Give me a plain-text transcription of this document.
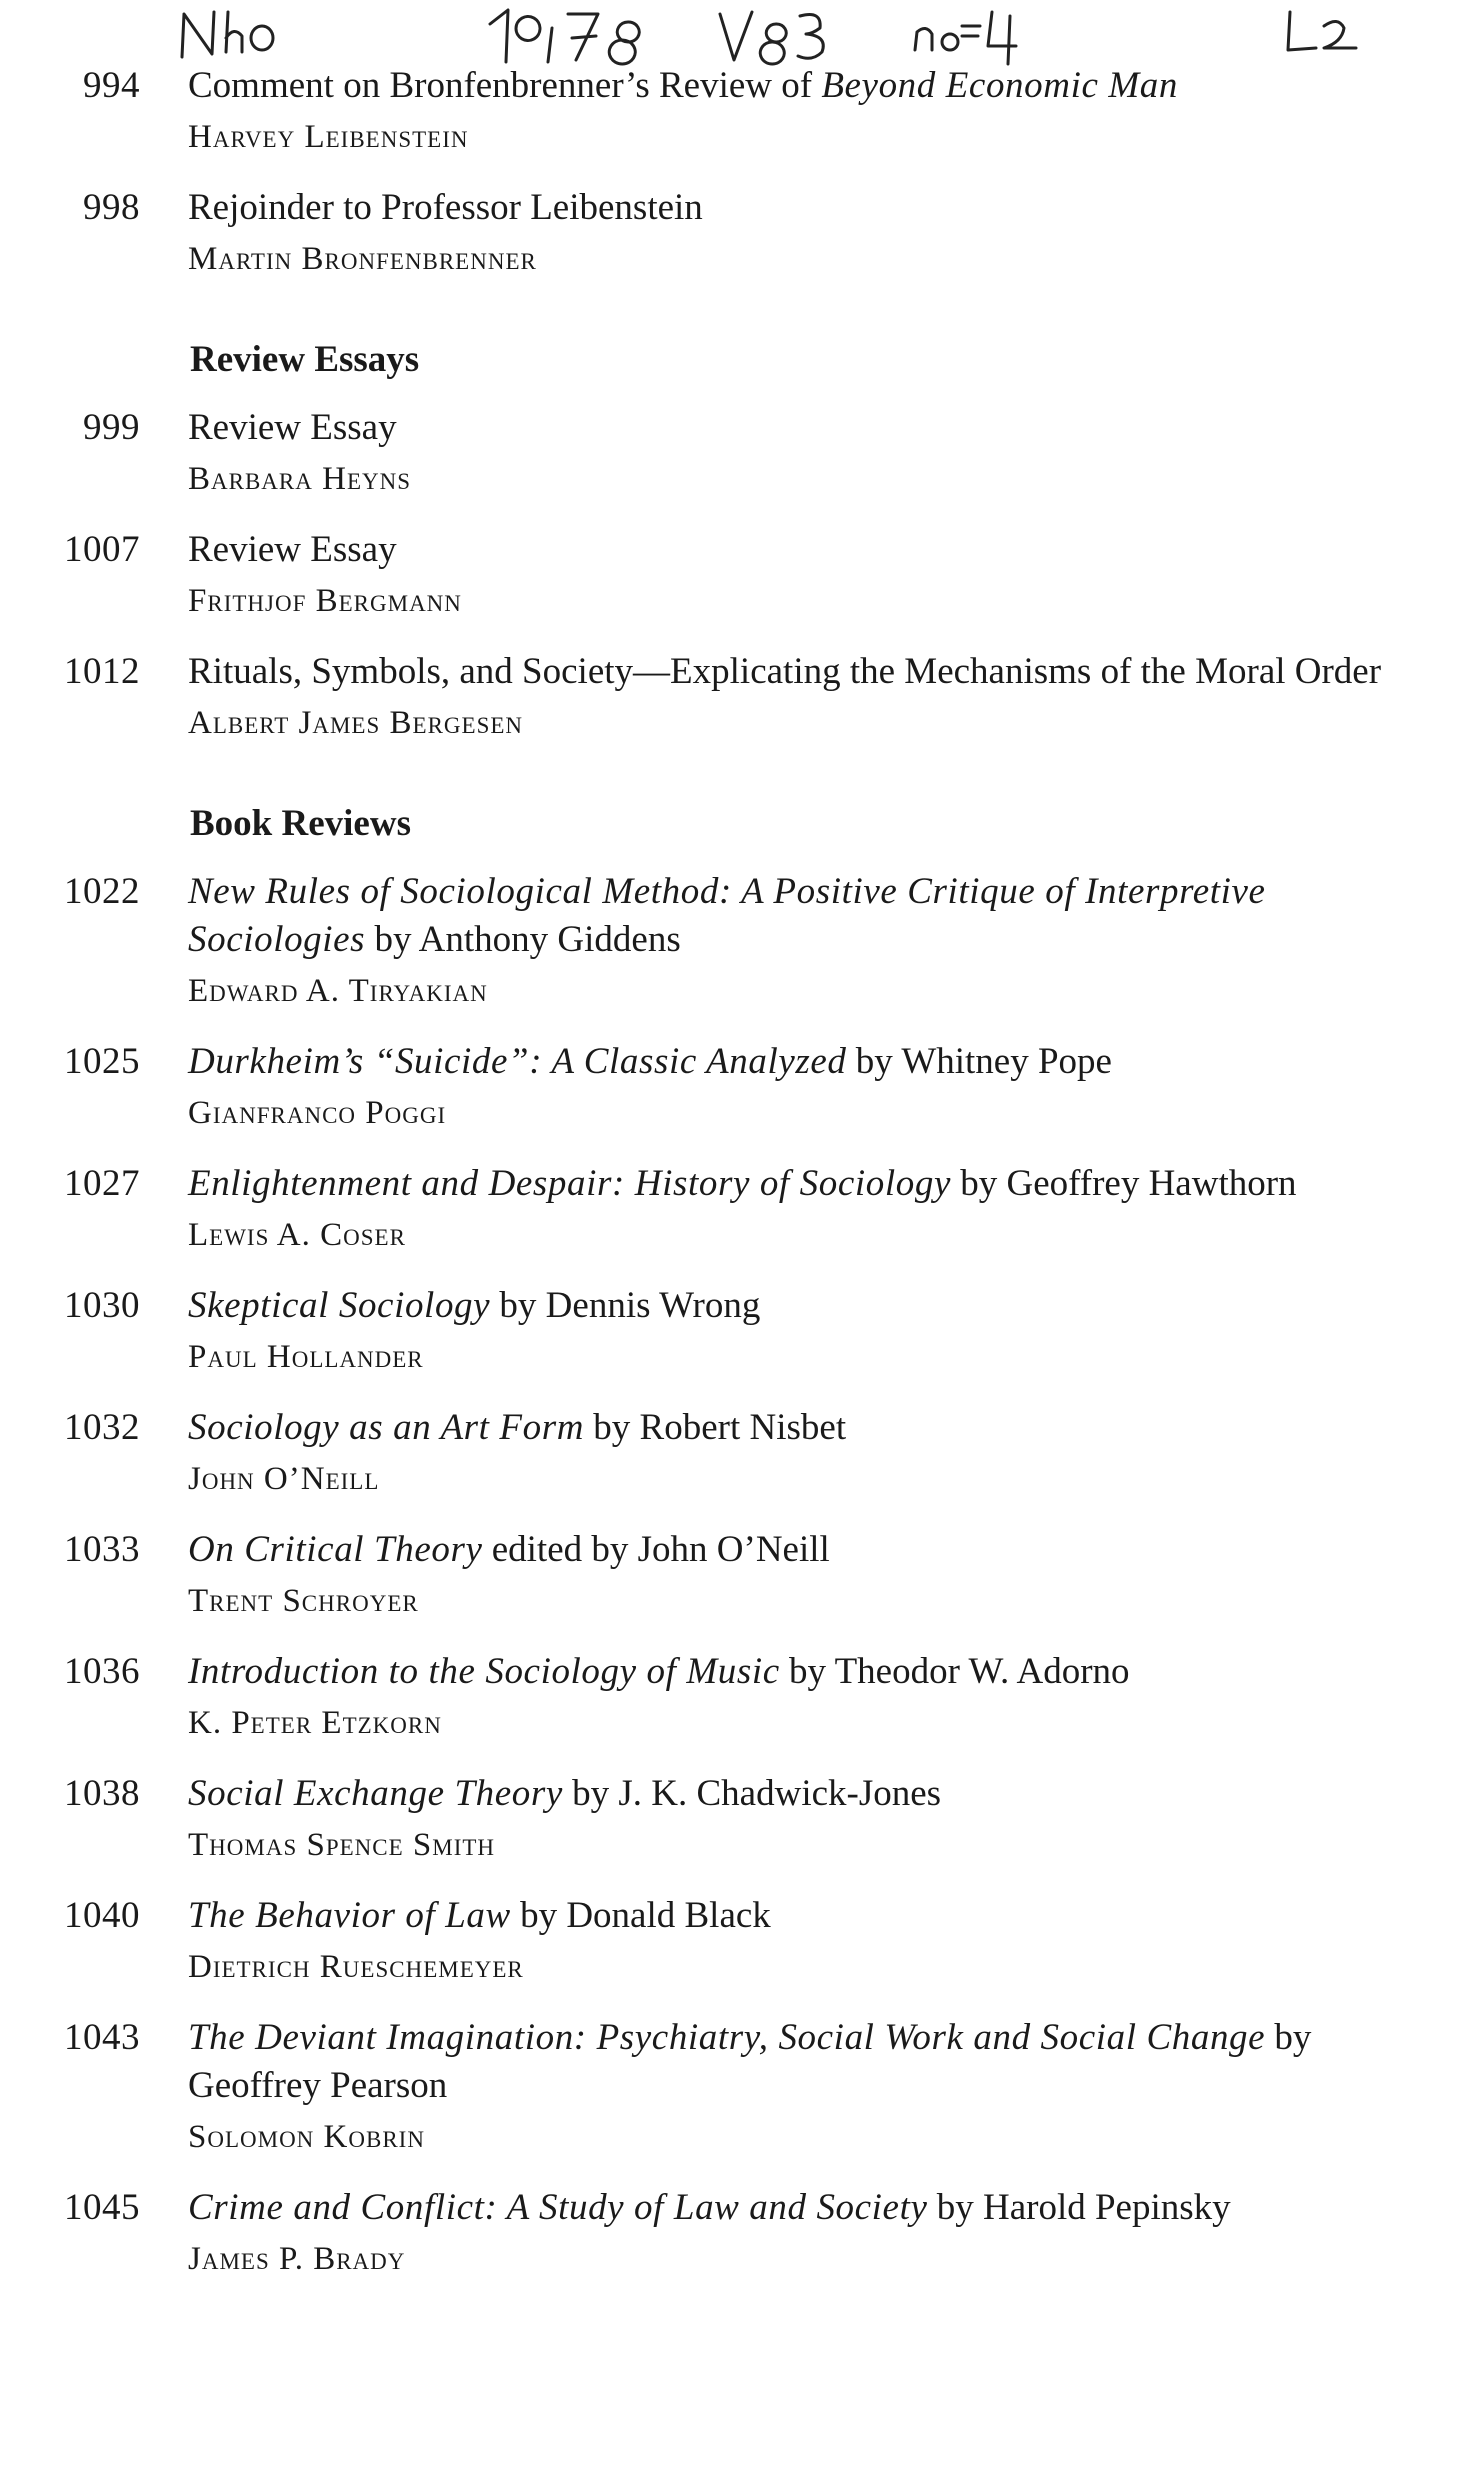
994 Comment on Bronfenbrenner’s Review of Beyond Economic Man
Harvey Leibenstein
998 Rejoinder to Professor Leibenstein
Martin Bronfenbrenner
Review Essays
999 Review Essay
Barbara Heyns
1007 Review Essay
Frithjof Bergmann
1012 Rituals, Symbols, and Society—Explicating the Mechanisms of the Moral Order
Albert James Bergesen
Book Reviews
1022 New Rules of Sociological Method: A Positive Critique of Interpretive Sociologies by Anthony Giddens
Edward A. Tiryakian
1025 Durkheim’s “Suicide”: A Classic Analyzed by Whitney Pope
Gianfranco Poggi
1027 Enlightenment and Despair: History of Sociology by Geoffrey Hawthorn
Lewis A. Coser
1030 Skeptical Sociology by Dennis Wrong
Paul Hollander
1032 Sociology as an Art Form by Robert Nisbet
John O’Neill
1033 On Critical Theory edited by John O’Neill
Trent Schroyer
1036 Introduction to the Sociology of Music by Theodor W. Adorno
K. Peter Etzkorn
1038 Social Exchange Theory by J. K. Chadwick-Jones
Thomas Spence Smith
1040 The Behavior of Law by Donald Black
Dietrich Rueschemeyer
1043 The Deviant Imagination: Psychiatry, Social Work and Social Change by Geoffrey Pearson
Solomon Kobrin
1045 Crime and Conflict: A Study of Law and Society by Harold Pepinsky
James P. Brady
